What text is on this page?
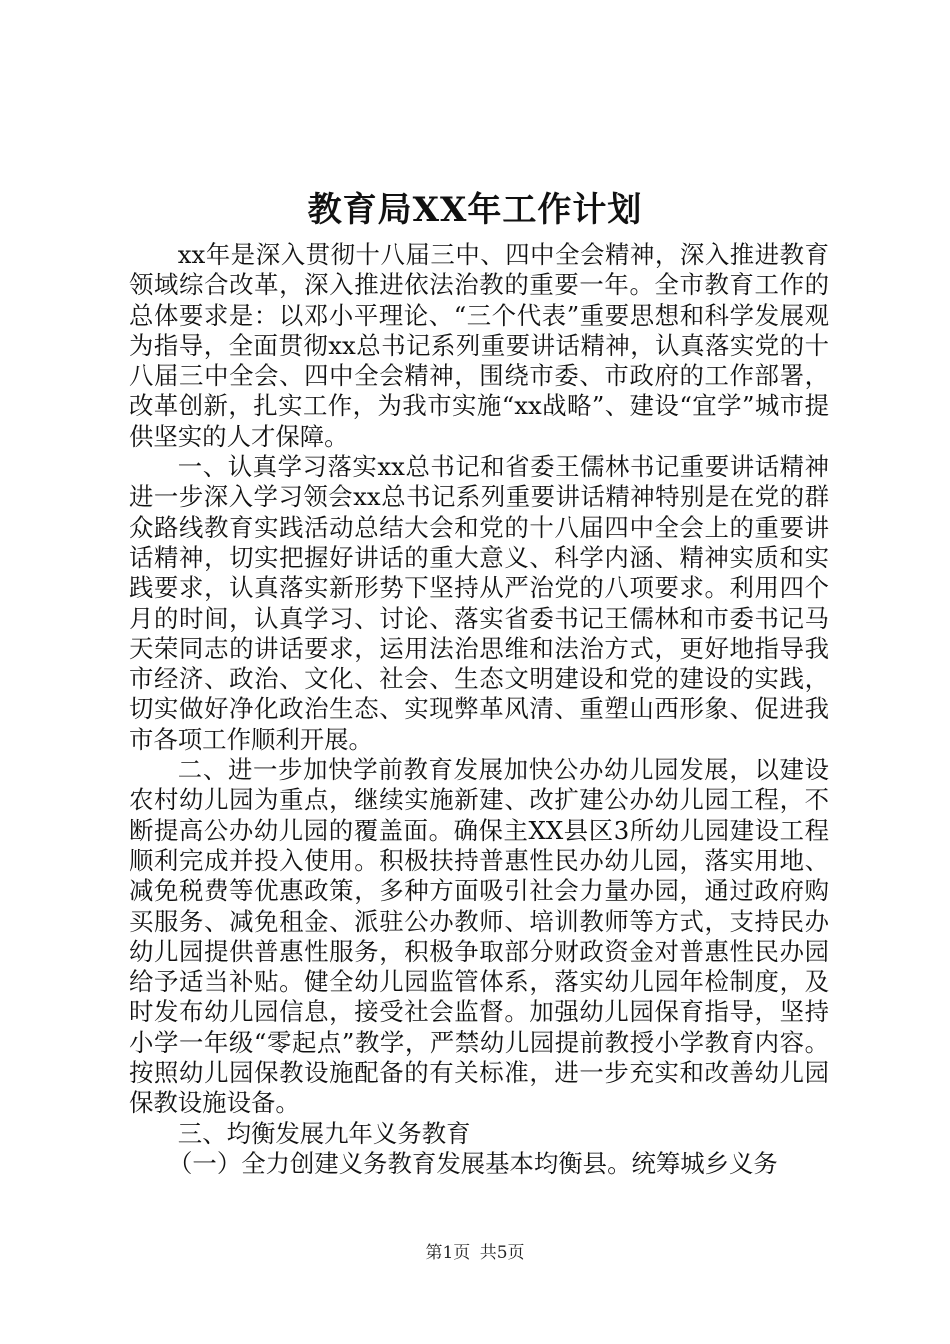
教育局XX年工作计划

xx年是深入贯彻十八届三中、四中全会精神，深入推进教育领域综合改革，深入推进依法治教的重要一年。全市教育工作的总体要求是：以邓小平理论、“三个代表”重要思想和科学发展观为指导，全面贯彻xx总书记系列重要讲话精神，认真落实党的十八届三中全会、四中全会精神，围绕市委、市政府的工作部署，改革创新，扎实工作，为我市实施“xx战略”、建设“宜学”城市提供坚实的人才保障。

一、认真学习落实xx总书记和省委王儒林书记重要讲话精神进一步深入学习领会xx总书记系列重要讲话精神特别是在党的群众路线教育实践活动总结大会和党的十八届四中全会上的重要讲话精神，切实把握好讲话的重大意义、科学内涵、精神实质和实践要求，认真落实新形势下坚持从严治党的八项要求。利用四个月的时间，认真学习、讨论、落实省委书记王儒林和市委书记马天荣同志的讲话要求，运用法治思维和法治方式，更好地指导我市经济、政治、文化、社会、生态文明建设和党的建设的实践，切实做好净化政治生态、实现弊革风清、重塑山西形象、促进我市各项工作顺利开展。

二、进一步加快学前教育发展加快公办幼儿园发展，以建设农村幼儿园为重点，继续实施新建、改扩建公办幼儿园工程，不断提高公办幼儿园的覆盖面。确保主XX县区3所幼儿园建设工程顺利完成并投入使用。积极扶持普惠性民办幼儿园，落实用地、减免税费等优惠政策，多种方面吸引社会力量办园，通过政府购买服务、减免租金、派驻公办教师、培训教师等方式，支持民办幼儿园提供普惠性服务，积极争取部分财政资金对普惠性民办园给予适当补贴。健全幼儿园监管体系，落实幼儿园年检制度，及时发布幼儿园信息，接受社会监督。加强幼儿园保育指导，坚持小学一年级“零起点”教学，严禁幼儿园提前教授小学教育内容。按照幼儿园保教设施配备的有关标准，进一步充实和改善幼儿园保教设施设备。

三、均衡发展九年义务教育

（一）全力创建义务教育发展基本均衡县。统筹城乡义务

第1页 共5页
